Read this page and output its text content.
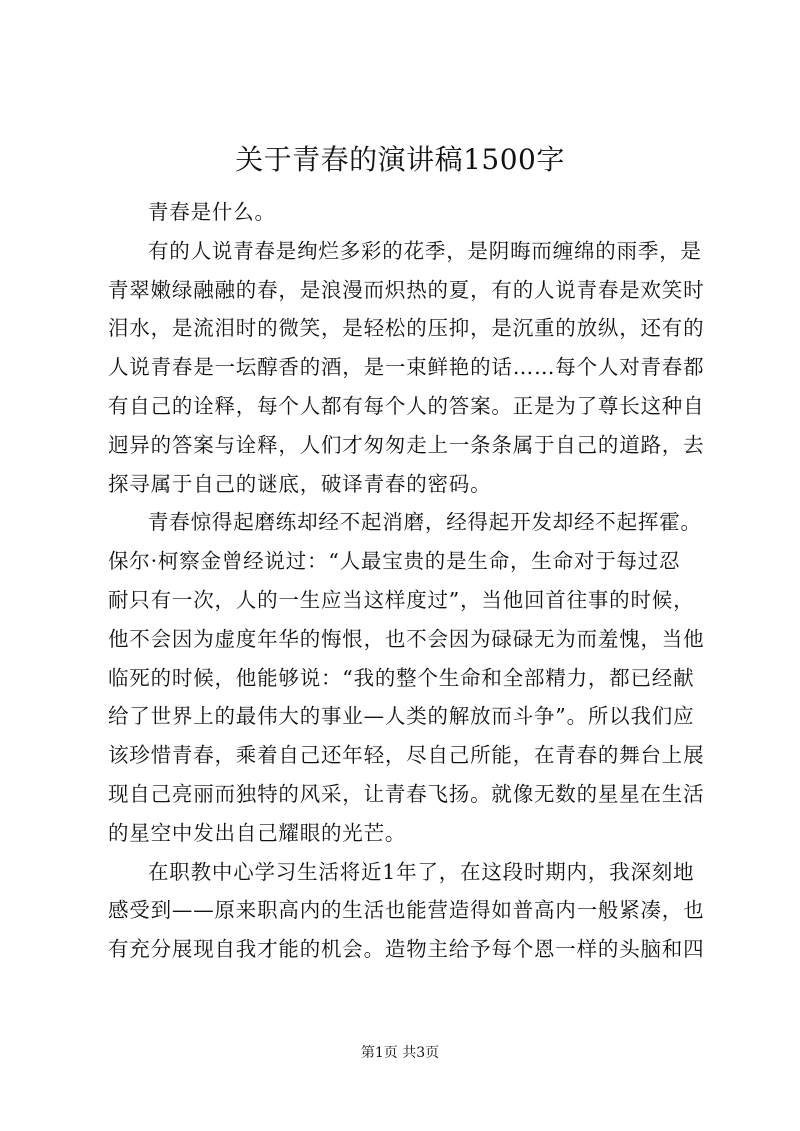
关于青春的演讲稿1500字
青春是什么。
有的人说青春是绚烂多彩的花季，是阴晦而缠绵的雨季，是
青翠嫩绿融融的春，是浪漫而炽热的夏，有的人说青春是欢笑时
泪水，是流泪时的微笑，是轻松的压抑，是沉重的放纵，还有的
人说青春是一坛醇香的酒，是一束鲜艳的话……每个人对青春都
有自己的诠释，每个人都有每个人的答案。正是为了尊长这种自
迥异的答案与诠释，人们才匆匆走上一条条属于自己的道路，去
探寻属于自己的谜底，破译青春的密码。
青春惊得起磨练却经不起消磨，经得起开发却经不起挥霍。
保尔·柯察金曾经说过：“人最宝贵的是生命，生命对于每过忍
耐只有一次，人的一生应当这样度过”，当他回首往事的时候，
他不会因为虚度年华的悔恨，也不会因为碌碌无为而羞愧，当他
临死的时候，他能够说：“我的整个生命和全部精力，都已经献
给了世界上的最伟大的事业—人类的解放而斗争”。所以我们应
该珍惜青春，乘着自己还年轻，尽自己所能，在青春的舞台上展
现自己亮丽而独特的风采，让青春飞扬。就像无数的星星在生活
的星空中发出自己耀眼的光芒。
在职教中心学习生活将近1年了，在这段时期内，我深刻地
感受到——原来职高内的生活也能营造得如普高内一般紧凑，也
有充分展现自我才能的机会。造物主给予每个恩一样的头脑和四
第1页 共3页
